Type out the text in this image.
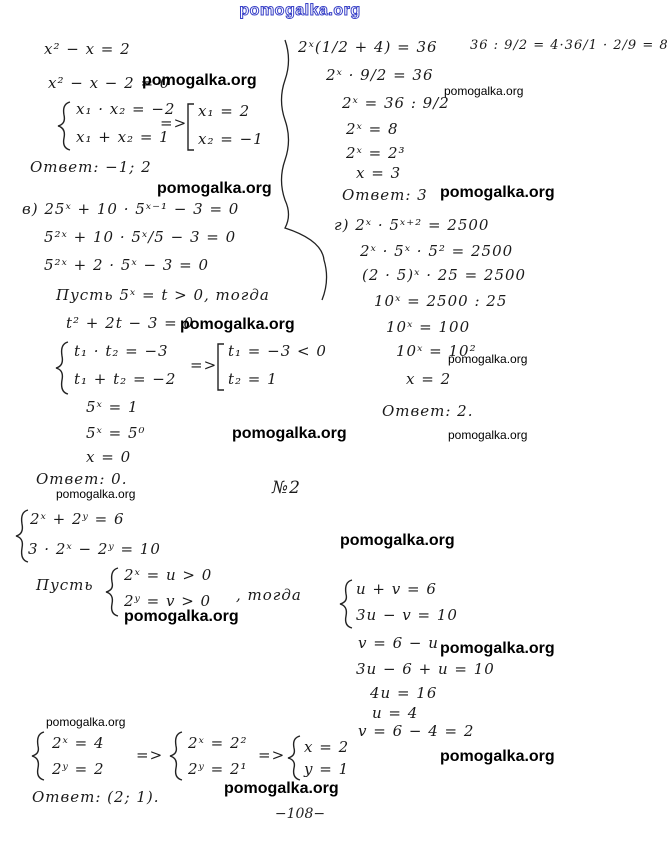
pomogalka.org
x² − x = 2
x² − x − 2 = 0
x₁ · x₂ = −2
x₁ + x₂ = 1
=>
x₁ = 2
x₂ = −1
Ответ: −1; 2
в) 25ˣ + 10 · 5ˣ⁻¹ − 3 = 0
5²ˣ + 10 · 5ˣ/5 − 3 = 0
5²ˣ + 2 · 5ˣ − 3 = 0
Пусть 5ˣ = t > 0, тогда
t² + 2t − 3 = 0
t₁ · t₂ = −3
t₁ + t₂ = −2
=>
t₁ = −3 < 0
t₂ = 1
5ˣ = 1
5ˣ = 5⁰
x = 0
Ответ: 0.
2ˣ(1/2 + 4) = 36
2ˣ · 9/2 = 36
2ˣ = 36 : 9/2
2ˣ = 8
2ˣ = 2³
x = 3
Ответ: 3
36 : 9/2 = 4·36/1 · 2/9 = 8
г) 2ˣ · 5ˣ⁺² = 2500
2ˣ · 5ˣ · 5² = 2500
(2 · 5)ˣ · 25 = 2500
10ˣ = 2500 : 25
10ˣ = 100
10ˣ = 10²
x = 2
Ответ: 2.
№2
2ˣ + 2ʸ = 6
3 · 2ˣ − 2ʸ = 10
Пусть
2ˣ = u > 0
2ʸ = v > 0 , тогда	u + v = 6
3u − v = 10
v = 6 − u
3u − 6 + u = 10
4u = 16
u = 4
v = 6 − 4 = 2
2ˣ = 4
2ʸ = 2
=>
2ˣ = 2²
2ʸ = 2¹
=> x = 2
y = 1
Ответ: (2; 1).
−108−
pomogalka.org
pomogalka.org
pomogalka.org	pomogalka.org
pomogalka.org
pomogalka.org
pomogalka.org	pomogalka.org
pomogalka.org
pomogalka.org
pomogalka.org
pomogalka.org
pomogalka.org
pomogalka.org
pomogalka.org
